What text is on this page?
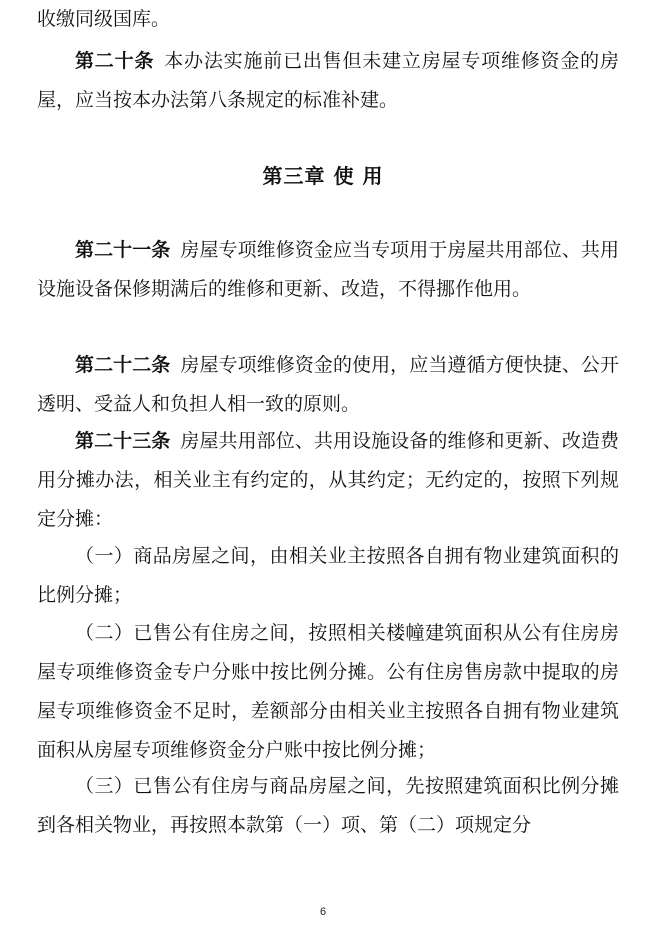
收缴同级国库。

第二十条 本办法实施前已出售但未建立房屋专项维修资金的房屋，应当按本办法第八条规定的标准补建。

第三章 使 用

第二十一条 房屋专项维修资金应当专项用于房屋共用部位、共用设施设备保修期满后的维修和更新、改造，不得挪作他用。

第二十二条 房屋专项维修资金的使用，应当遵循方便快捷、公开透明、受益人和负担人相一致的原则。

第二十三条 房屋共用部位、共用设施设备的维修和更新、改造费用分摊办法，相关业主有约定的，从其约定；无约定的，按照下列规定分摊：

（一）商品房屋之间，由相关业主按照各自拥有物业建筑面积的比例分摊；

（二）已售公有住房之间，按照相关楼幢建筑面积从公有住房房屋专项维修资金专户分账中按比例分摊。公有住房售房款中提取的房屋专项维修资金不足时，差额部分由相关业主按照各自拥有物业建筑面积从房屋专项维修资金分户账中按比例分摊；

（三）已售公有住房与商品房屋之间，先按照建筑面积比例分摊到各相关物业，再按照本款第（一）项、第（二）项规定分

6
